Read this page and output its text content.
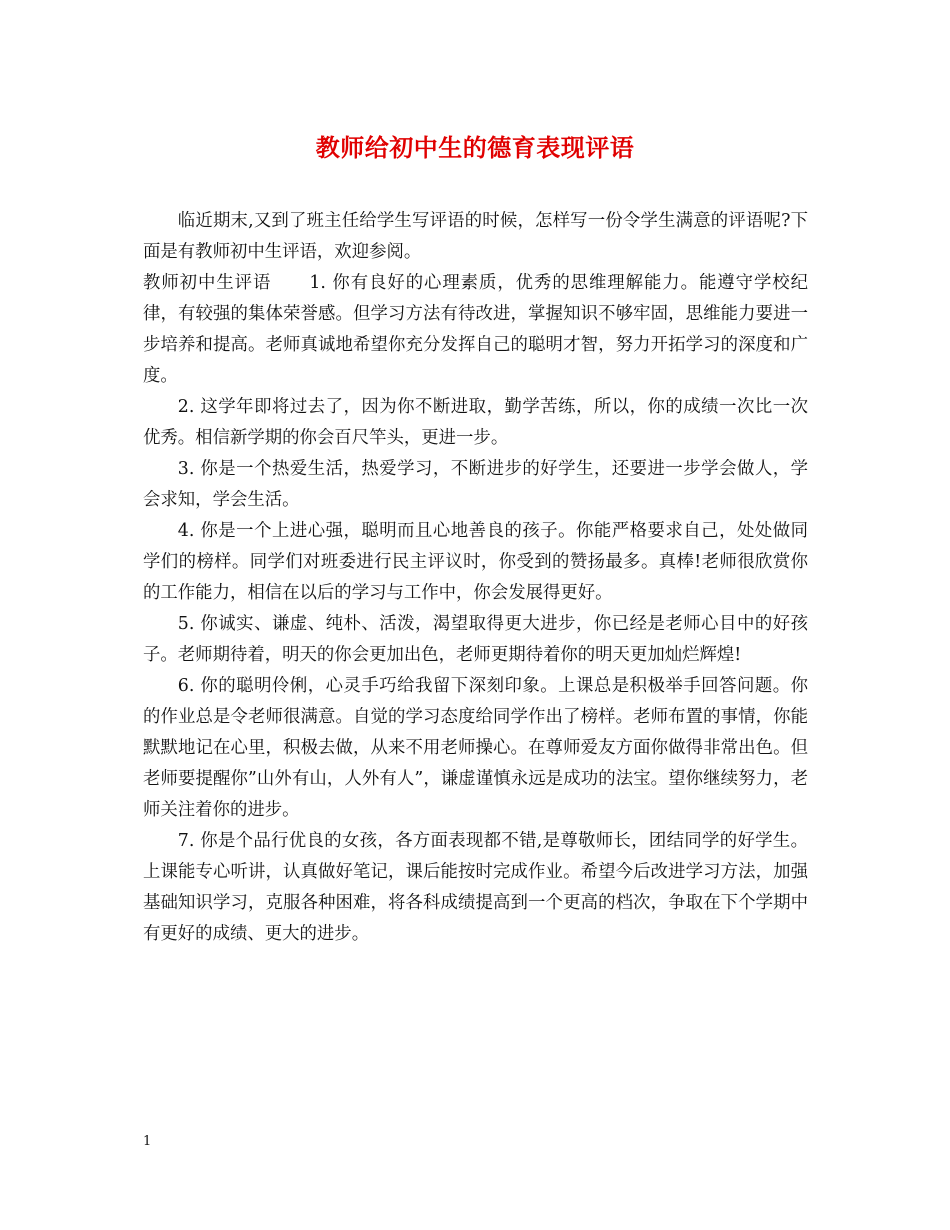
教师给初中生的德育表现评语

临近期末,又到了班主任给学生写评语的时候，怎样写一份令学生满意的评语呢?下面是有教师初中生评语，欢迎参阅。

教师初中生评语 1. 你有良好的心理素质，优秀的思维理解能力。能遵守学校纪律，有较强的集体荣誉感。但学习方法有待改进，掌握知识不够牢固，思维能力要进一步培养和提高。老师真诚地希望你充分发挥自己的聪明才智，努力开拓学习的深度和广度。

2. 这学年即将过去了，因为你不断进取，勤学苦练，所以，你的成绩一次比一次优秀。相信新学期的你会百尺竿头，更进一步。

3. 你是一个热爱生活，热爱学习，不断进步的好学生，还要进一步学会做人，学会求知，学会生活。

4. 你是一个上进心强，聪明而且心地善良的孩子。你能严格要求自己，处处做同学们的榜样。同学们对班委进行民主评议时，你受到的赞扬最多。真棒!老师很欣赏你的工作能力，相信在以后的学习与工作中，你会发展得更好。

5. 你诚实、谦虚、纯朴、活泼，渴望取得更大进步，你已经是老师心目中的好孩子。老师期待着，明天的你会更加出色，老师更期待着你的明天更加灿烂辉煌!

6. 你的聪明伶俐，心灵手巧给我留下深刻印象。上课总是积极举手回答问题。你的作业总是令老师很满意。自觉的学习态度给同学作出了榜样。老师布置的事情，你能默默地记在心里，积极去做，从来不用老师操心。在尊师爱友方面你做得非常出色。但老师要提醒你”山外有山，人外有人”，谦虚谨慎永远是成功的法宝。望你继续努力，老师关注着你的进步。

7. 你是个品行优良的女孩，各方面表现都不错,是尊敬师长，团结同学的好学生。上课能专心听讲，认真做好笔记，课后能按时完成作业。希望今后改进学习方法，加强基础知识学习，克服各种困难，将各科成绩提高到一个更高的档次，争取在下个学期中有更好的成绩、更大的进步。

1
